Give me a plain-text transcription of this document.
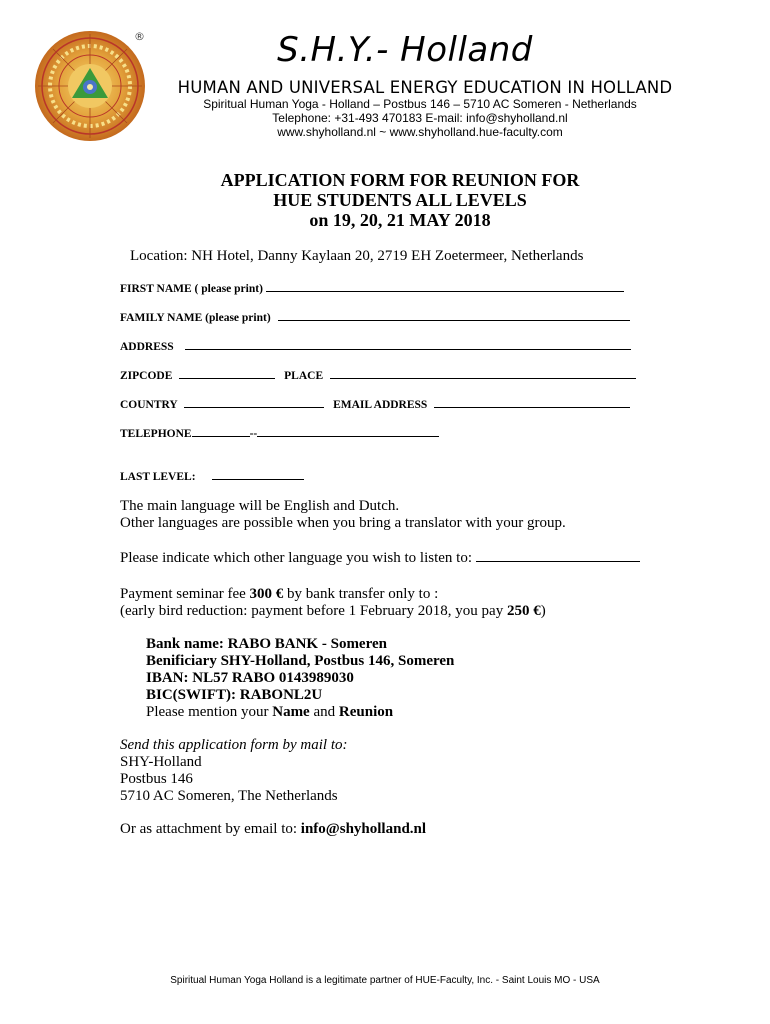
®	S.H.Y.- Holland
HUMAN AND UNIVERSAL ENERGY EDUCATION IN HOLLAND
Spiritual Human Yoga - Holland – Postbus 146 – 5710 AC Someren - Netherlands
Telephone: +31-493 470183 E-mail: info@shyholland.nl
www.shyholland.nl ~ www.shyholland.hue-faculty.com
APPLICATION FORM FOR REUNION FOR
HUE STUDENTS ALL LEVELS
on 19, 20, 21 MAY 2018
Location: NH Hotel, Danny Kaylaan 20, 2719 EH Zoetermeer, Netherlands
FIRST NAME ( please print)
FAMILY NAME (please print)
ADDRESS
ZIPCODE	PLACE
COUNTRY	EMAIL ADDRESS
TELEPHONE	--
LAST LEVEL:
The main language will be English and Dutch.
Other languages are possible when you bring a translator with your group.
Please indicate which other language you wish to listen to:
Payment seminar fee 300 € by bank transfer only to :
(early bird reduction: payment before 1 February 2018, you pay 250 €)
Bank name: RABO BANK - Someren
Benificiary SHY-Holland, Postbus 146, Someren
IBAN: NL57 RABO 0143989030
BIC(SWIFT): RABONL2U
Please mention your Name and Reunion
Send this application form by mail to:
SHY-Holland
Postbus 146
5710 AC Someren, The Netherlands
Or as attachment by email to: info@shyholland.nl
Spiritual Human Yoga Holland is a legitimate partner of HUE-Faculty, Inc. - Saint Louis MO - USA
